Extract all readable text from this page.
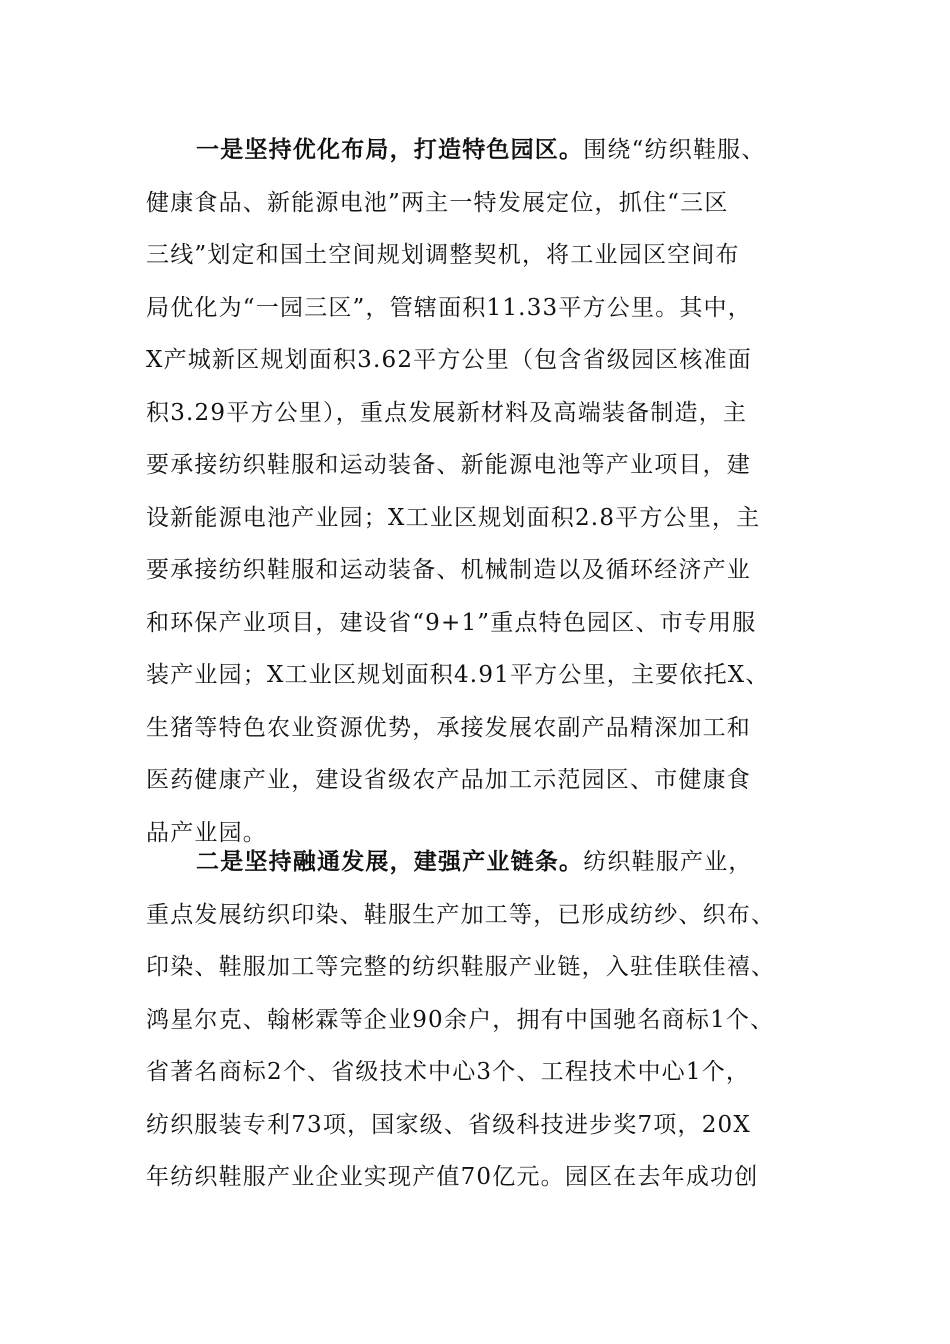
一是坚持优化布局，打造特色园区。围绕“纺织鞋服、
健康食品、新能源电池”两主一特发展定位，抓住“三区
三线”划定和国土空间规划调整契机，将工业园区空间布
局优化为“一园三区”，管辖面积11.33平方公里。其中，
X产城新区规划面积3.62平方公里（包含省级园区核准面
积3.29平方公里），重点发展新材料及高端装备制造，主
要承接纺织鞋服和运动装备、新能源电池等产业项目，建
设新能源电池产业园；X工业区规划面积2.8平方公里，主
要承接纺织鞋服和运动装备、机械制造以及循环经济产业
和环保产业项目，建设省“9+1”重点特色园区、市专用服
装产业园；X工业区规划面积4.91平方公里，主要依托X、
生猪等特色农业资源优势，承接发展农副产品精深加工和
医药健康产业，建设省级农产品加工示范园区、市健康食
品产业园。
二是坚持融通发展，建强产业链条。纺织鞋服产业，
重点发展纺织印染、鞋服生产加工等，已形成纺纱、织布、
印染、鞋服加工等完整的纺织鞋服产业链，入驻佳联佳禧、
鸿星尔克、翰彬霖等企业90余户，拥有中国驰名商标1个、
省著名商标2个、省级技术中心3个、工程技术中心1个，
纺织服装专利73项，国家级、省级科技进步奖7项，20X
年纺织鞋服产业企业实现产值70亿元。园区在去年成功创
